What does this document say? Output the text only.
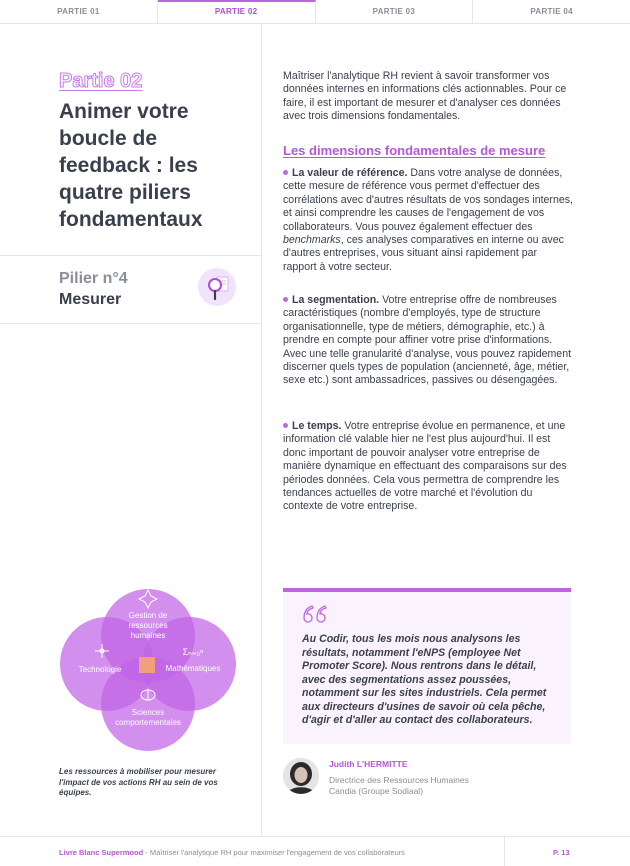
PARTIE 01	PARTIE 02	PARTIE 03	PARTIE 04
Partie 02
Animer votre boucle de feedback : les quatre piliers fondamentaux
Pilier n°4
Mesurer
Gestion de
ressources
humaines
Technologie
Σₙ₌₀ⁿ
Mathématiques
Sciences
comportementales
Les ressources à mobiliser pour mesurer l'impact de vos actions RH au sein de vos équipes.
Maîtriser l'analytique RH revient à savoir transformer vos données internes en informations clés actionnables. Pour ce faire, il est important de mesurer et d'analyser ces données avec trois dimensions fondamentales.
Les dimensions fondamentales de mesure
La valeur de référence. Dans votre analyse de données, cette mesure de référence vous permet d'effectuer des corrélations avec d'autres résultats de vos sondages internes, et ainsi comprendre les causes de l'engagement de vos collaborateurs. Vous pouvez également effectuer des benchmarks, ces analyses comparatives en interne ou avec d'autres entreprises, vous situant ainsi rapidement par rapport à votre secteur.
La segmentation. Votre entreprise offre de nombreuses caractéristiques (nombre d'employés, type de structure organisationnelle, type de métiers, démographie, etc.) à prendre en compte pour affiner votre prise d'informations. Avec une telle granularité d'analyse, vous pouvez rapidement discerner quels types de population (ancienneté, âge, métier, sexe etc.) sont ambassadrices, passives ou désengagées.
Le temps. Votre entreprise évolue en permanence, et une information clé valable hier ne l'est plus aujourd'hui. Il est donc important de pouvoir analyser votre entreprise de manière dynamique en effectuant des comparaisons sur des périodes données. Cela vous permettra de comprendre les tendances actuelles de votre marché et l'évolution du contexte de votre entreprise.
Au Codir, tous les mois nous analysons les résultats, notamment l'eNPS (employee Net Promoter Score). Nous rentrons dans le détail, avec des segmentations assez poussées, notamment sur les sites industriels. Cela permet aux directeurs d'usines de savoir où cela pêche, d'agir et d'aller au contact des collaborateurs.
Judith L'HERMITTE
Directrice des Ressources Humaines
Candia (Groupe Sodiaal)
Livre Blanc Supermood - Maîtriser l'analytique RH pour maximiser l'engagement de vos collaborateurs	P. 13
